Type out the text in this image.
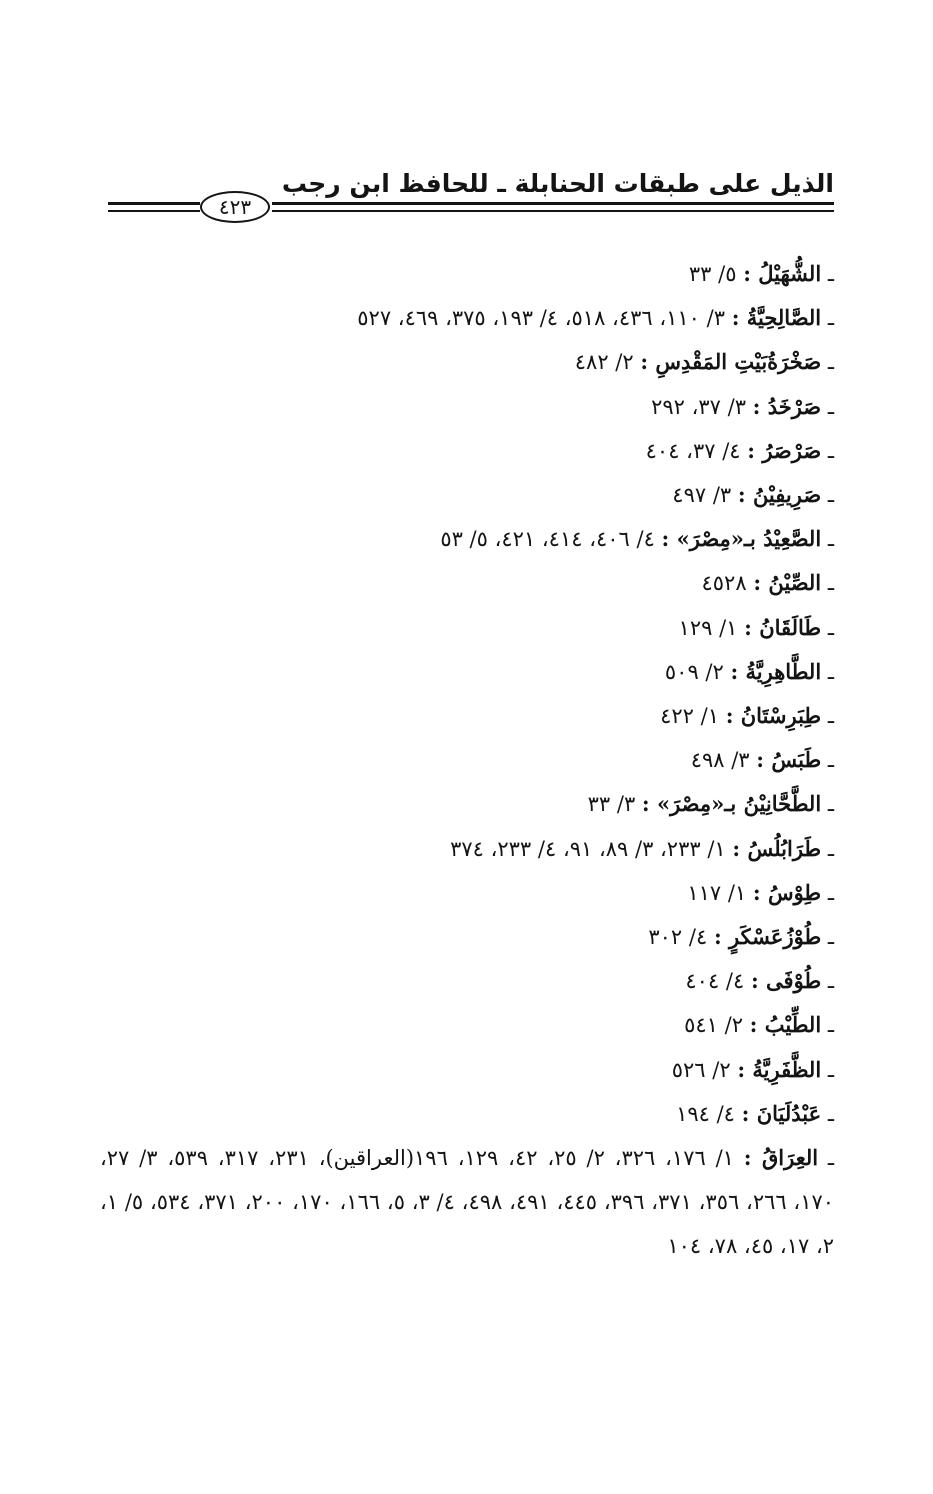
الذيل على طبقات الحنابلة ـ للحافظ ابن رجب
٤٢٣

ـ الشُّهَيْلُ : ٥/ ٣٣

ـ الصَّالِحِيَّةُ : ٣/ ١١٠، ٤٣٦، ٥١٨، ٤/ ١٩٣، ٣٧٥، ٤٦٩، ٥٢٧

ـ صَخْرَةُبَيْتِ المَقْدِسِ : ٢/ ٤٨٢

ـ صَرْخَدُ : ٣/ ٣٧، ٢٩٢

ـ صَرْصَرُ : ٤/ ٣٧، ٤٠٤

ـ صَرِيفِيْنُ : ٣/ ٤٩٧

ـ الصَّعِيْدُ بـ«مِصْرَ» : ٤/ ٤٠٦، ٤١٤، ٤٢١، ٥/ ٥٣

ـ الصِّيْنُ : ٤٥٢٨

ـ طَالَقَانُ : ١/ ١٢٩

ـ الطَّاهِرِيَّةُ : ٢/ ٥٠٩

ـ طِبَرِسْتَانُ : ١/ ٤٢٢

ـ طَبَسُ : ٣/ ٤٩٨

ـ الطَّحَّانِيْنُ بـ«مِصْرَ» : ٣/ ٣٣

ـ طَرَابُلُسُ : ١/ ٢٣٣، ٣/ ٨٩، ٩١، ٤/ ٢٣٣، ٣٧٤

ـ طِوْسُ : ١/ ١١٧

ـ طُوْزُعَسْكَرٍ : ٤/ ٣٠٢

ـ طُوْفَى : ٤/ ٤٠٤

ـ الطِّيْبُ : ٢/ ٥٤١

ـ الظَّفَرِيَّةُ : ٢/ ٥٢٦

ـ عَبْدُلَيَانَ : ٤/ ١٩٤

ـ العِرَاقُ : ١/ ١٧٦، ٣٢٦، ٢/ ٢٥، ٤٢، ١٢٩، ١٩٦(العراقين)، ٢٣١، ٣١٧، ٥٣٩، ٣/ ٢٧، ١٧٠، ٢٦٦، ٣٥٦، ٣٧١، ٣٩٦، ٤٤٥، ٤٩١، ٤٩٨، ٤/ ٣، ٥، ١٦٦، ١٧٠، ٢٠٠، ٣٧١، ٥٣٤، ٥/ ١، ٢، ١٧، ٤٥، ٧٨، ١٠٤
